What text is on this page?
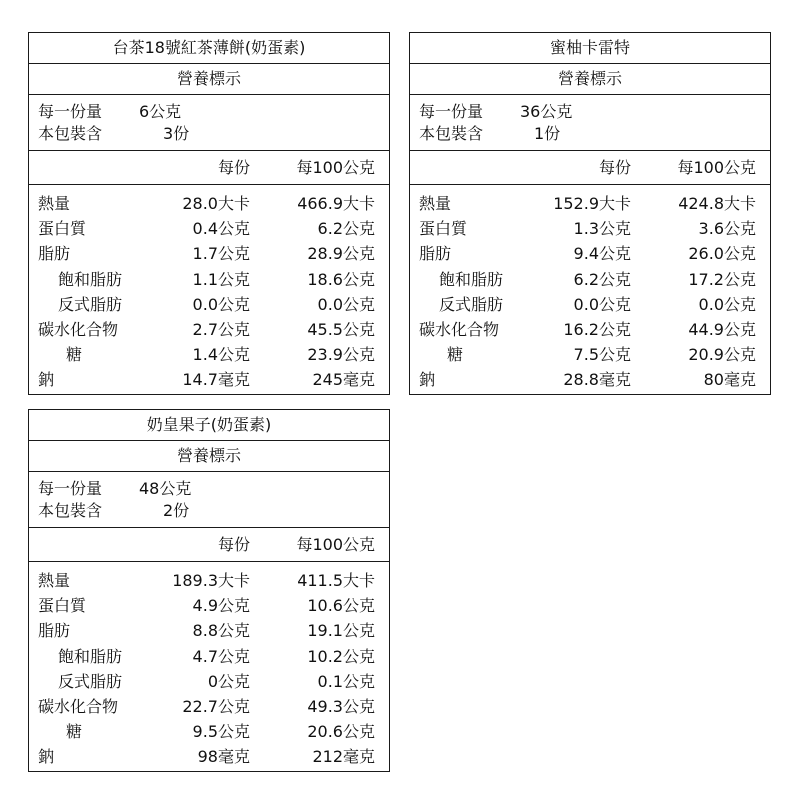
台茶18號紅茶薄餅(奶蛋素)
營養標示
每一份量	6公克
本包裝含	3份
每份	每100公克
熱量	28.0大卡	466.9大卡
蛋白質	0.4公克	6.2公克
脂肪	1.7公克	28.9公克
飽和脂肪	1.1公克	18.6公克
反式脂肪	0.0公克	0.0公克
碳水化合物	2.7公克	45.5公克
糖	1.4公克	23.9公克
鈉	14.7毫克	245毫克
蜜柚卡雷特
營養標示
每一份量	36公克
本包裝含	1份
每份	每100公克
熱量	152.9大卡	424.8大卡
蛋白質	1.3公克	3.6公克
脂肪	9.4公克	26.0公克
飽和脂肪	6.2公克	17.2公克
反式脂肪	0.0公克	0.0公克
碳水化合物	16.2公克	44.9公克
糖	7.5公克	20.9公克
鈉	28.8毫克	80毫克
奶皇果子(奶蛋素)
營養標示
每一份量	48公克
本包裝含	2份
每份	每100公克
熱量	189.3大卡	411.5大卡
蛋白質	4.9公克	10.6公克
脂肪	8.8公克	19.1公克
飽和脂肪	4.7公克	10.2公克
反式脂肪	0公克	0.1公克
碳水化合物	22.7公克	49.3公克
糖	9.5公克	20.6公克
鈉	98毫克	212毫克
